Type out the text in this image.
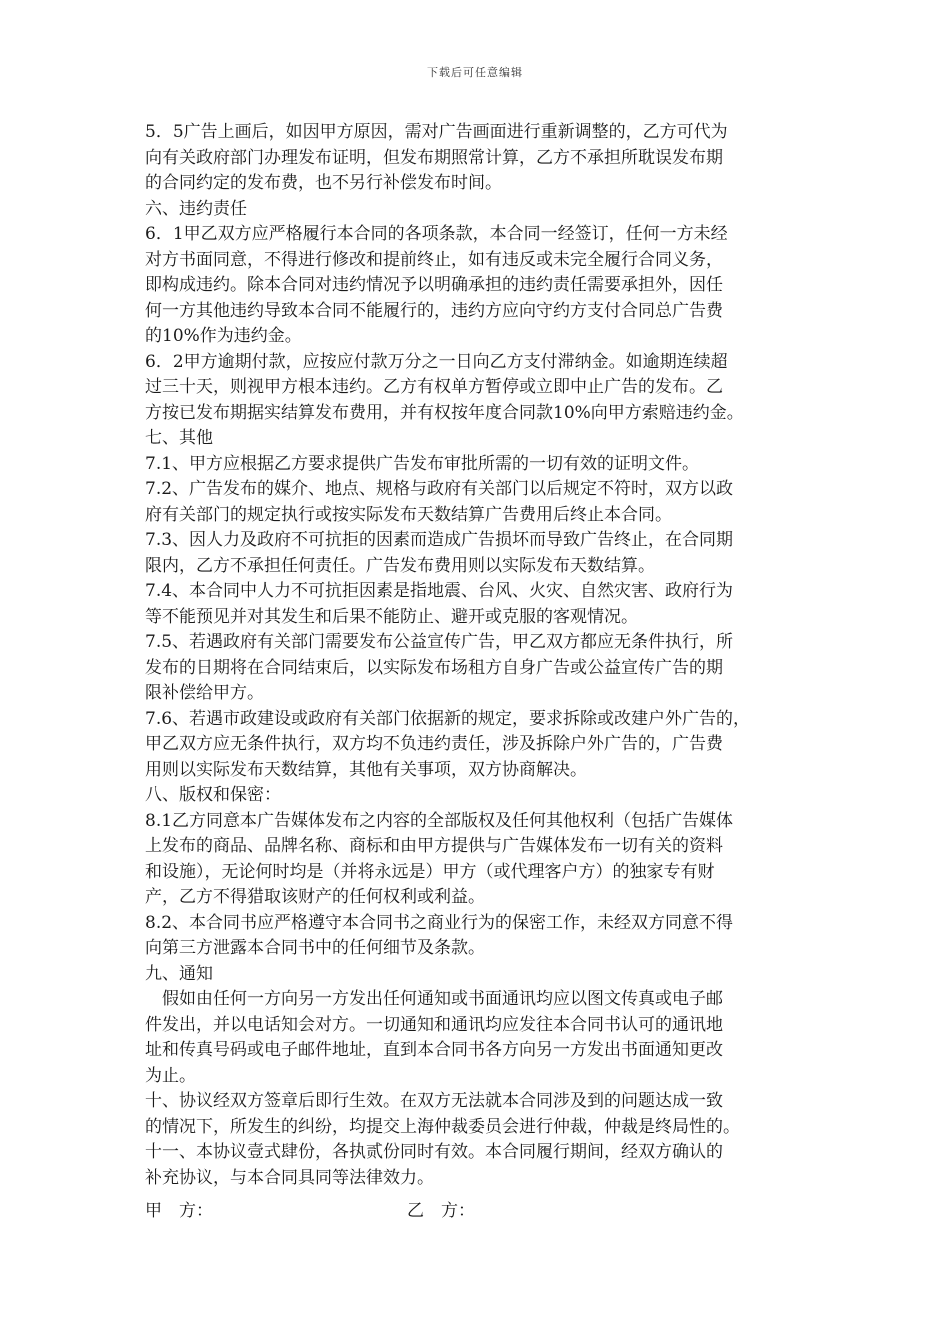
下载后可任意编辑
5．5广告上画后，如因甲方原因，需对广告画面进行重新调整的，乙方可代为
向有关政府部门办理发布证明，但发布期照常计算，乙方不承担所耽误发布期
的合同约定的发布费，也不另行补偿发布时间。
六、违约责任
6．1甲乙双方应严格履行本合同的各项条款，本合同一经签订，任何一方未经
对方书面同意，不得进行修改和提前终止，如有违反或未完全履行合同义务，
即构成违约。除本合同对违约情况予以明确承担的违约责任需要承担外，因任
何一方其他违约导致本合同不能履行的，违约方应向守约方支付合同总广告费
的10%作为违约金。
6．2甲方逾期付款，应按应付款万分之一日向乙方支付滞纳金。如逾期连续超
过三十天，则视甲方根本违约。乙方有权单方暂停或立即中止广告的发布。乙
方按已发布期据实结算发布费用，并有权按年度合同款10%向甲方索赔违约金。
七、其他
7.1、甲方应根据乙方要求提供广告发布审批所需的一切有效的证明文件。
7.2、广告发布的媒介、地点、规格与政府有关部门以后规定不符时，双方以政
府有关部门的规定执行或按实际发布天数结算广告费用后终止本合同。
7.3、因人力及政府不可抗拒的因素而造成广告损坏而导致广告终止，在合同期
限内，乙方不承担任何责任。广告发布费用则以实际发布天数结算。
7.4、本合同中人力不可抗拒因素是指地震、台风、火灾、自然灾害、政府行为
等不能预见并对其发生和后果不能防止、避开或克服的客观情况。
7.5、若遇政府有关部门需要发布公益宣传广告，甲乙双方都应无条件执行，所
发布的日期将在合同结束后，以实际发布场租方自身广告或公益宣传广告的期
限补偿给甲方。
7.6、若遇市政建设或政府有关部门依据新的规定，要求拆除或改建户外广告的，
甲乙双方应无条件执行，双方均不负违约责任，涉及拆除户外广告的，广告费
用则以实际发布天数结算，其他有关事项，双方协商解决。
八、版权和保密：
8.1乙方同意本广告媒体发布之内容的全部版权及任何其他权利（包括广告媒体
上发布的商品、品牌名称、商标和由甲方提供与广告媒体发布一切有关的资料
和设施），无论何时均是（并将永远是）甲方（或代理客户方）的独家专有财
产，乙方不得猎取该财产的任何权利或利益。
8.2、本合同书应严格遵守本合同书之商业行为的保密工作，未经双方同意不得
向第三方泄露本合同书中的任何细节及条款。
九、通知
　假如由任何一方向另一方发出任何通知或书面通讯均应以图文传真或电子邮
件发出，并以电话知会对方。一切通知和通讯均应发往本合同书认可的通讯地
址和传真号码或电子邮件地址，直到本合同书各方向另一方发出书面通知更改
为止。
十、协议经双方签章后即行生效。在双方无法就本合同涉及到的问题达成一致
的情况下，所发生的纠纷，均提交上海仲裁委员会进行仲裁，仲裁是终局性的。
十一、本协议壹式肆份，各执贰份同时有效。本合同履行期间，经双方确认的
补充协议，与本合同具同等法律效力。
甲　方：	乙　方：
